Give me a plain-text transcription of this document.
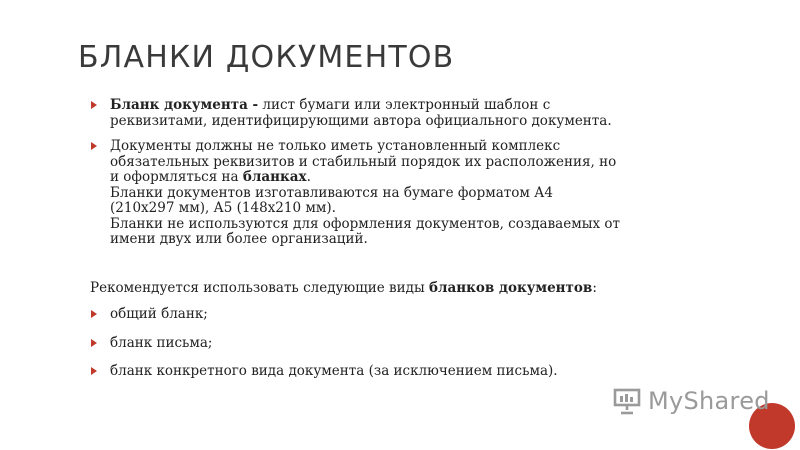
БЛАНКИ ДОКУМЕНТОВ

Бланк документа - лист бумаги или электронный шаблон с реквизитами, идентифицирующими автора официального документа.

Документы должны не только иметь установленный комплекс обязательных реквизитов и стабильный порядок их расположения, но и оформляться на бланках.

Бланки документов изготавливаются на бумаге форматом А4 (210х297 мм), А5 (148х210 мм).

Бланки не используются для оформления документов, создаваемых от имени двух или более организаций.

Рекомендуется использовать следующие виды бланков документов:

общий бланк;

бланк письма;

бланк конкретного вида документа (за исключением письма).

MyShared
